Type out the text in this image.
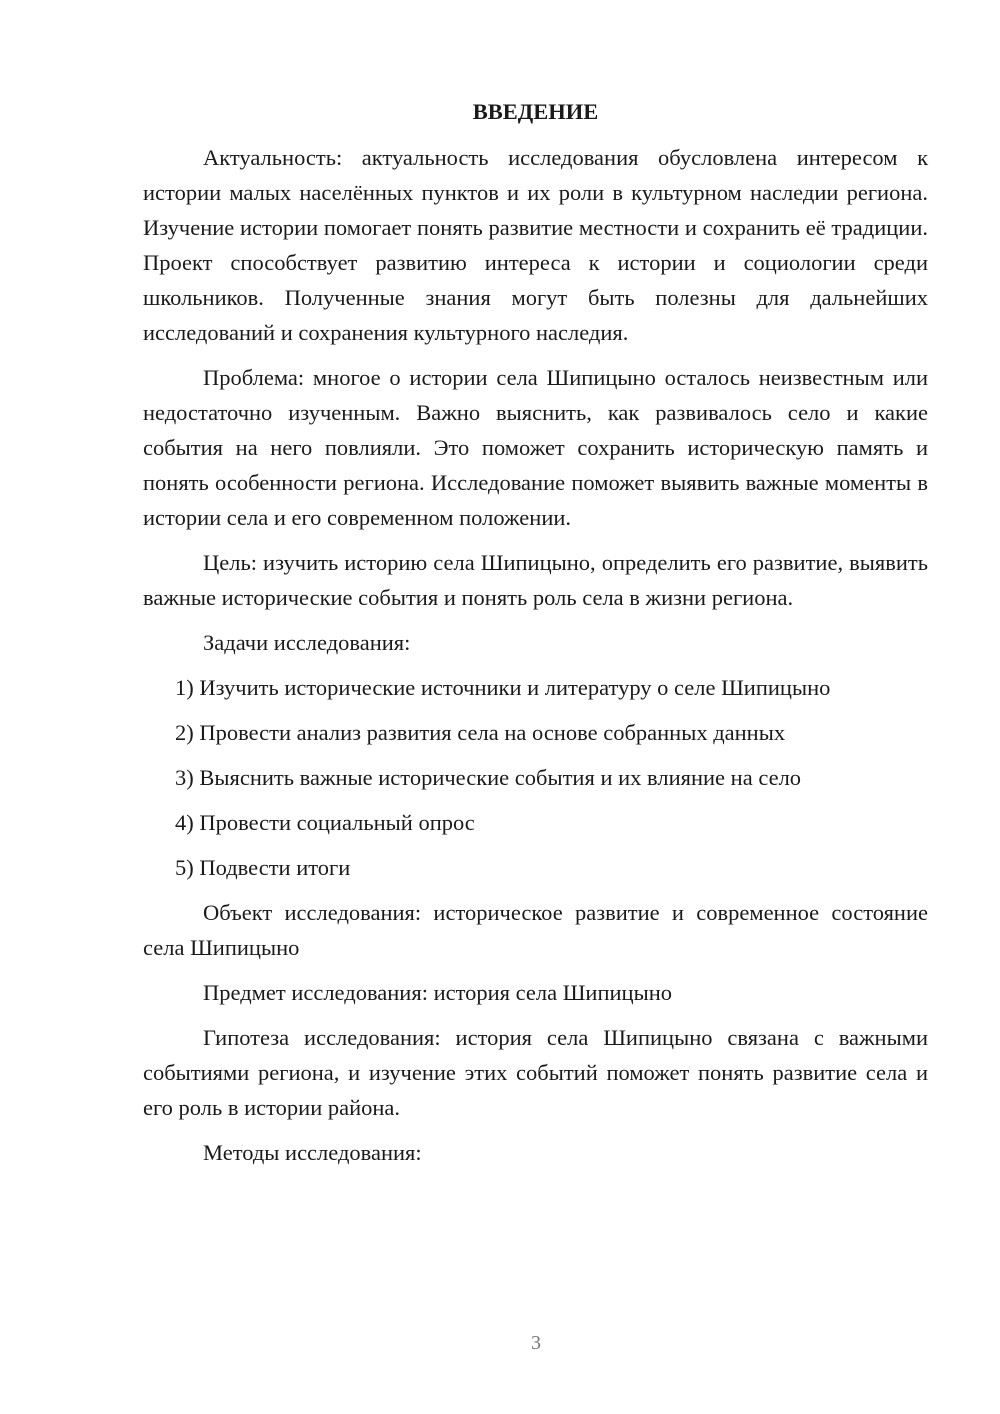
ВВЕДЕНИЕ

Актуальность: актуальность исследования обусловлена интересом к истории малых населённых пунктов и их роли в культурном наследии региона. Изучение истории помогает понять развитие местности и сохранить её традиции. Проект способствует развитию интереса к истории и социологии среди школьников. Полученные знания могут быть полезны для дальнейших исследований и сохранения культурного наследия.

Проблема: многое о истории села Шипицыно осталось неизвестным или недостаточно изученным. Важно выяснить, как развивалось село и какие события на него повлияли. Это поможет сохранить историческую память и понять особенности региона. Исследование поможет выявить важные моменты в истории села и его современном положении.

Цель: изучить историю села Шипицыно, определить его развитие, выявить важные исторические события и понять роль села в жизни региона.

Задачи исследования:

1) Изучить исторические источники и литературу о селе Шипицыно
2) Провести анализ развития села на основе собранных данных
3) Выяснить важные исторические события и их влияние на село
4) Провести социальный опрос
5) Подвести итоги

Объект исследования: историческое развитие и современное состояние села Шипицыно

Предмет исследования: история села Шипицыно

Гипотеза исследования: история села Шипицыно связана с важными событиями региона, и изучение этих событий поможет понять развитие села и его роль в истории района.

Методы исследования:

3
